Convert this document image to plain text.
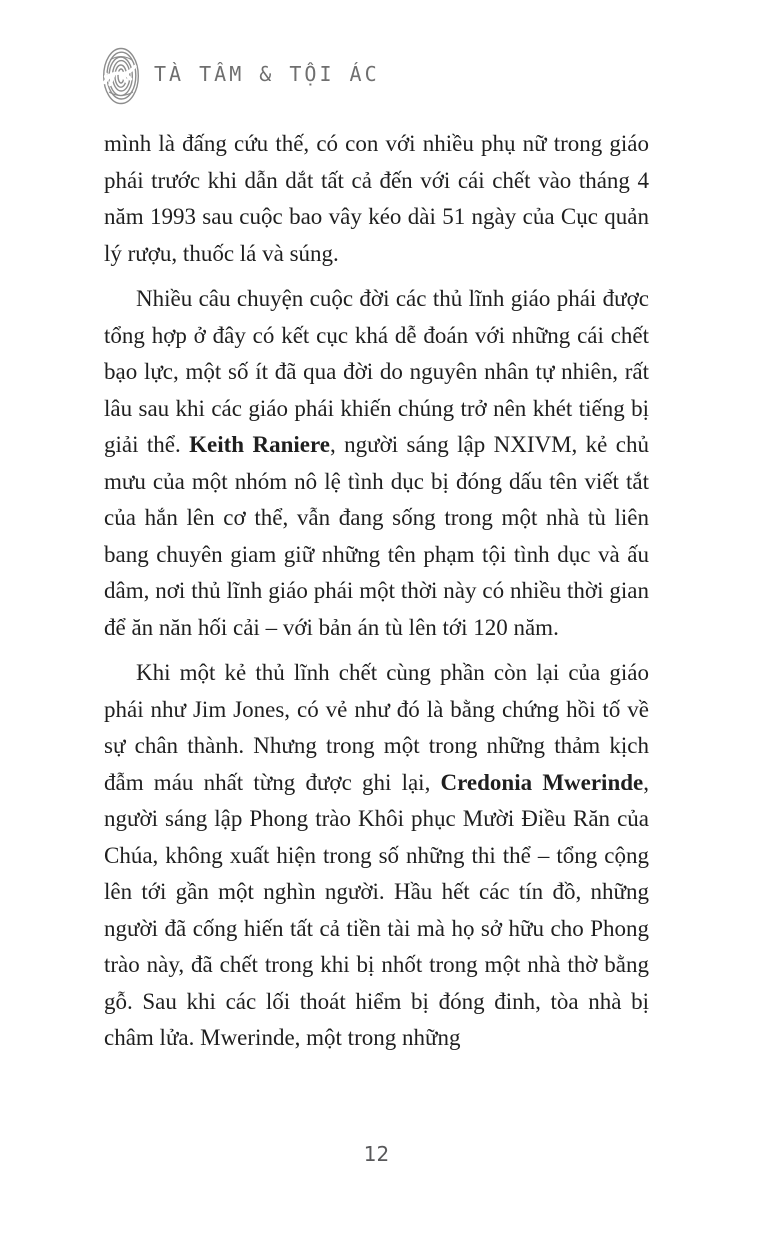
TÀ TÂM & TỘI ÁC

mình là đấng cứu thế, có con với nhiều phụ nữ trong giáo phái trước khi dẫn dắt tất cả đến với cái chết vào tháng 4 năm 1993 sau cuộc bao vây kéo dài 51 ngày của Cục quản lý rượu, thuốc lá và súng.

Nhiều câu chuyện cuộc đời các thủ lĩnh giáo phái được tổng hợp ở đây có kết cục khá dễ đoán với những cái chết bạo lực, một số ít đã qua đời do nguyên nhân tự nhiên, rất lâu sau khi các giáo phái khiến chúng trở nên khét tiếng bị giải thể. Keith Raniere, người sáng lập NXIVM, kẻ chủ mưu của một nhóm nô lệ tình dục bị đóng dấu tên viết tắt của hắn lên cơ thể, vẫn đang sống trong một nhà tù liên bang chuyên giam giữ những tên phạm tội tình dục và ấu dâm, nơi thủ lĩnh giáo phái một thời này có nhiều thời gian để ăn năn hối cải – với bản án tù lên tới 120 năm.

Khi một kẻ thủ lĩnh chết cùng phần còn lại của giáo phái như Jim Jones, có vẻ như đó là bằng chứng hồi tố về sự chân thành. Nhưng trong một trong những thảm kịch đẫm máu nhất từng được ghi lại, Credonia Mwerinde, người sáng lập Phong trào Khôi phục Mười Điều Răn của Chúa, không xuất hiện trong số những thi thể – tổng cộng lên tới gần một nghìn người. Hầu hết các tín đồ, những người đã cống hiến tất cả tiền tài mà họ sở hữu cho Phong trào này, đã chết trong khi bị nhốt trong một nhà thờ bằng gỗ. Sau khi các lối thoát hiểm bị đóng đinh, tòa nhà bị châm lửa. Mwerinde, một trong những

12
